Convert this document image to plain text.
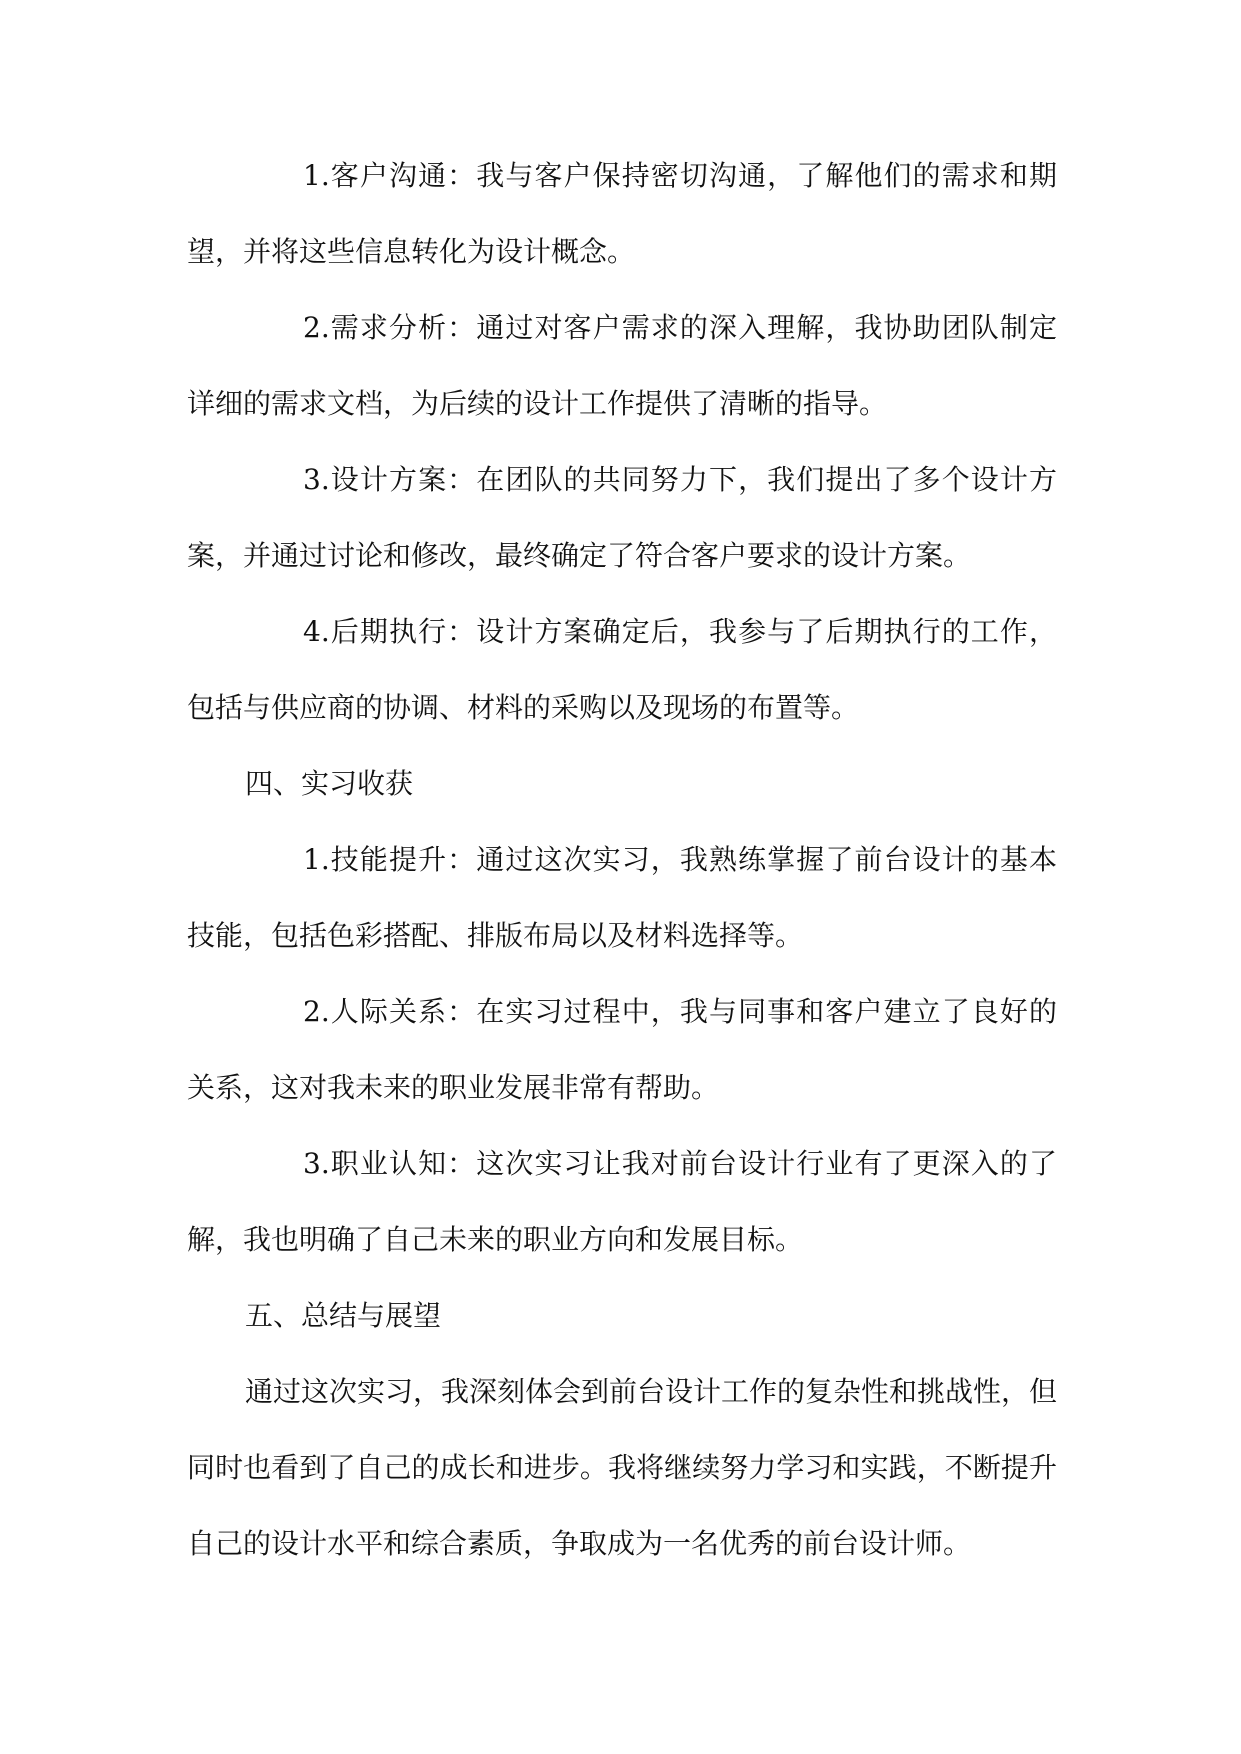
1.客户沟通：我与客户保持密切沟通，了解他们的需求和期望，并将这些信息转化为设计概念。

2.需求分析：通过对客户需求的深入理解，我协助团队制定详细的需求文档，为后续的设计工作提供了清晰的指导。

3.设计方案：在团队的共同努力下，我们提出了多个设计方案，并通过讨论和修改，最终确定了符合客户要求的设计方案。

4.后期执行：设计方案确定后，我参与了后期执行的工作，包括与供应商的协调、材料的采购以及现场的布置等。

四、实习收获

1.技能提升：通过这次实习，我熟练掌握了前台设计的基本技能，包括色彩搭配、排版布局以及材料选择等。

2.人际关系：在实习过程中，我与同事和客户建立了良好的关系，这对我未来的职业发展非常有帮助。

3.职业认知：这次实习让我对前台设计行业有了更深入的了解，我也明确了自己未来的职业方向和发展目标。

五、总结与展望

通过这次实习，我深刻体会到前台设计工作的复杂性和挑战性，但同时也看到了自己的成长和进步。我将继续努力学习和实践，不断提升自己的设计水平和综合素质，争取成为一名优秀的前台设计师。
